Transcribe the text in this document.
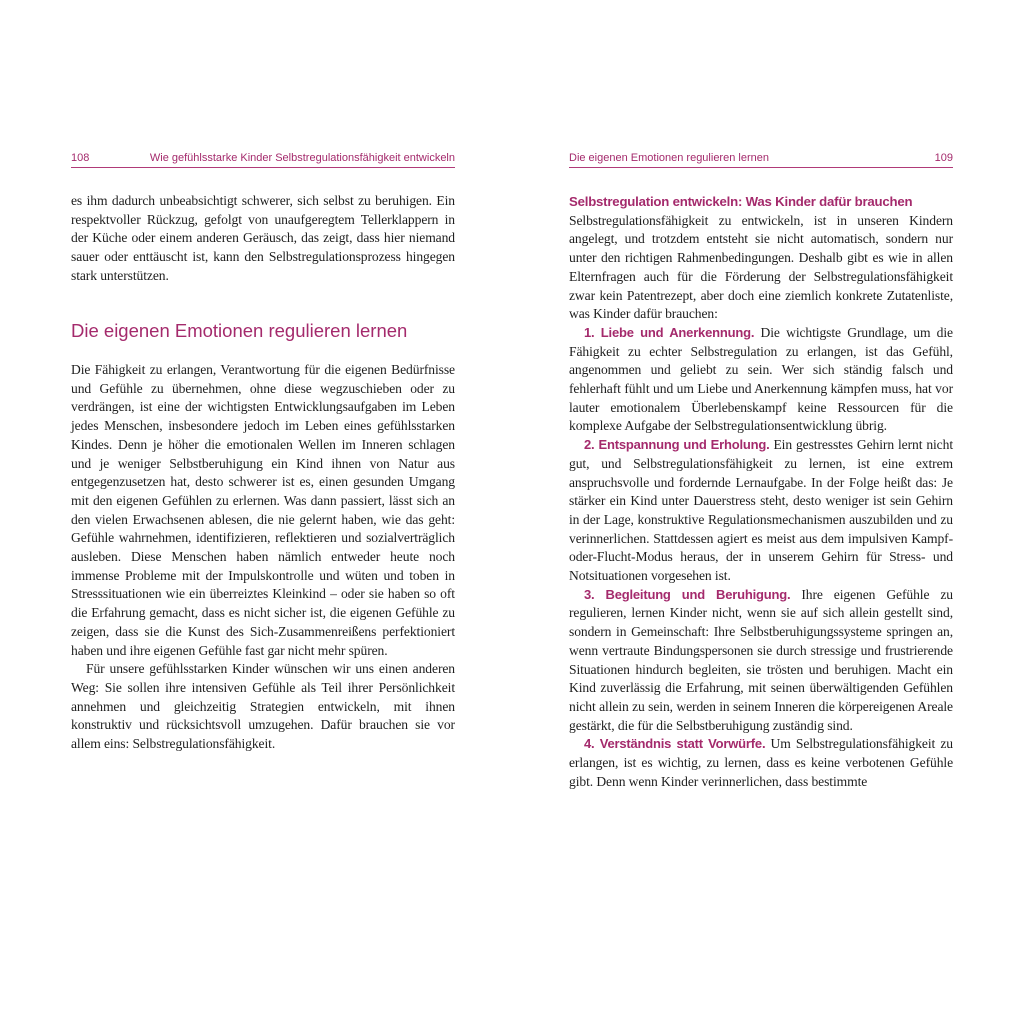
108	Wie gefühlsstarke Kinder Selbstregulationsfähigkeit entwickeln

es ihm dadurch unbeabsichtigt schwerer, sich selbst zu beruhigen. Ein respektvoller Rückzug, gefolgt von unaufgeregtem Tellerklappern in der Küche oder einem anderen Geräusch, das zeigt, dass hier niemand sauer oder enttäuscht ist, kann den Selbstregulationsprozess hingegen stark unterstützen.

Die eigenen Emotionen regulieren lernen

Die Fähigkeit zu erlangen, Verantwortung für die eigenen Bedürfnisse und Gefühle zu übernehmen, ohne diese wegzuschieben oder zu verdrängen, ist eine der wichtigsten Entwicklungsaufgaben im Leben jedes Menschen, insbesondere jedoch im Leben eines gefühlsstarken Kindes. Denn je höher die emotionalen Wellen im Inneren schlagen und je weniger Selbstberuhigung ein Kind ihnen von Natur aus entgegenzusetzen hat, desto schwerer ist es, einen gesunden Umgang mit den eigenen Gefühlen zu erlernen. Was dann passiert, lässt sich an den vielen Erwachsenen ablesen, die nie gelernt haben, wie das geht: Gefühle wahrnehmen, identifizieren, reflektieren und sozialverträglich ausleben. Diese Menschen haben nämlich entweder heute noch immense Probleme mit der Impulskontrolle und wüten und toben in Stresssituationen wie ein überreiztes Kleinkind – oder sie haben so oft die Erfahrung gemacht, dass es nicht sicher ist, die eigenen Gefühle zu zeigen, dass sie die Kunst des Sich-Zusammenreißens perfektioniert haben und ihre eigenen Gefühle fast gar nicht mehr spüren.

Für unsere gefühlsstarken Kinder wünschen wir uns einen anderen Weg: Sie sollen ihre intensiven Gefühle als Teil ihrer Persönlichkeit annehmen und gleichzeitig Strategien entwickeln, mit ihnen konstruktiv und rücksichtsvoll umzugehen. Dafür brauchen sie vor allem eins: Selbstregulationsfähigkeit.

Die eigenen Emotionen regulieren lernen	109

Selbstregulation entwickeln: Was Kinder dafür brauchen

Selbstregulationsfähigkeit zu entwickeln, ist in unseren Kindern angelegt, und trotzdem entsteht sie nicht automatisch, sondern nur unter den richtigen Rahmenbedingungen. Deshalb gibt es wie in allen Elternfragen auch für die Förderung der Selbstregulationsfähigkeit zwar kein Patentrezept, aber doch eine ziemlich konkrete Zutatenliste, was Kinder dafür brauchen:

1. Liebe und Anerkennung. Die wichtigste Grundlage, um die Fähigkeit zu echter Selbstregulation zu erlangen, ist das Gefühl, angenommen und geliebt zu sein. Wer sich ständig falsch und fehlerhaft fühlt und um Liebe und Anerkennung kämpfen muss, hat vor lauter emotionalem Überlebenskampf keine Ressourcen für die komplexe Aufgabe der Selbstregulationsentwicklung übrig.

2. Entspannung und Erholung. Ein gestresstes Gehirn lernt nicht gut, und Selbstregulationsfähigkeit zu lernen, ist eine extrem anspruchsvolle und fordernde Lernaufgabe. In der Folge heißt das: Je stärker ein Kind unter Dauerstress steht, desto weniger ist sein Gehirn in der Lage, konstruktive Regulationsmechanismen auszubilden und zu verinnerlichen. Stattdessen agiert es meist aus dem impulsiven Kampf-oder-Flucht-Modus heraus, der in unserem Gehirn für Stress- und Notsituationen vorgesehen ist.

3. Begleitung und Beruhigung. Ihre eigenen Gefühle zu regulieren, lernen Kinder nicht, wenn sie auf sich allein gestellt sind, sondern in Gemeinschaft: Ihre Selbstberuhigungssysteme springen an, wenn vertraute Bindungspersonen sie durch stressige und frustrierende Situationen hindurch begleiten, sie trösten und beruhigen. Macht ein Kind zuverlässig die Erfahrung, mit seinen überwältigenden Gefühlen nicht allein zu sein, werden in seinem Inneren die körpereigenen Areale gestärkt, die für die Selbstberuhigung zuständig sind.

4. Verständnis statt Vorwürfe. Um Selbstregulationsfähigkeit zu erlangen, ist es wichtig, zu lernen, dass es keine verbotenen Gefühle gibt. Denn wenn Kinder verinnerlichen, dass bestimmte
